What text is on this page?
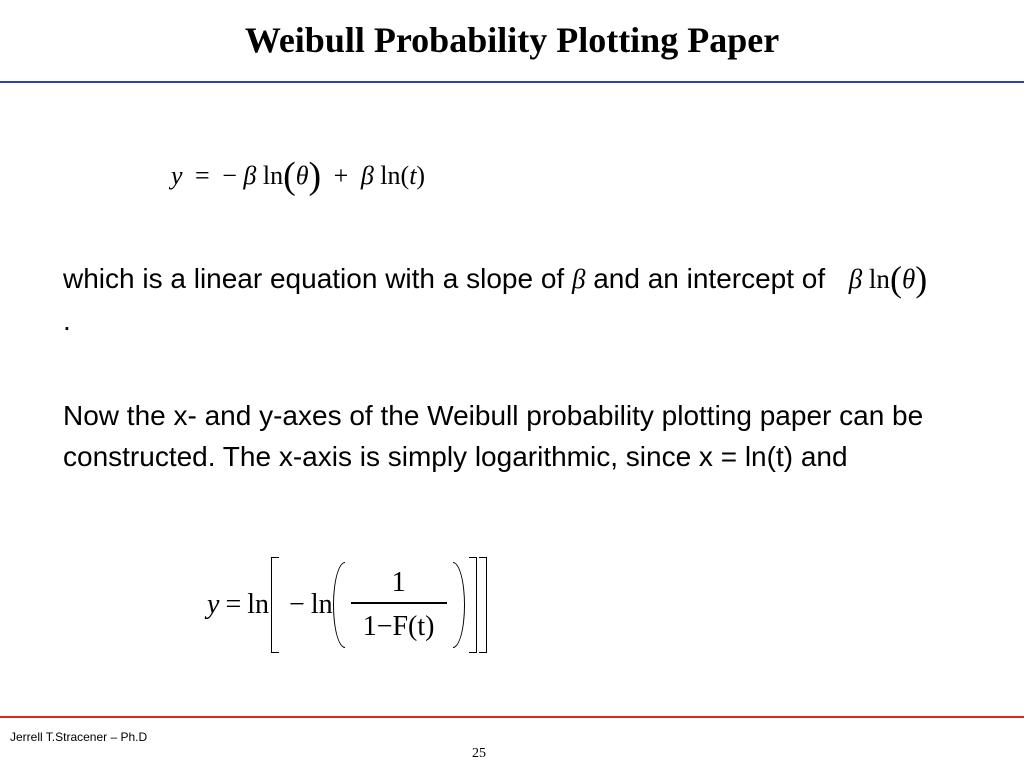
Weibull Probability Plotting Paper
y = − β ln(θ) + β ln(t)
which is a linear equation with a slope of β and an intercept of β ln(θ) .
Now the x- and y-axes of the Weibull probability plotting paper can be constructed. The x-axis is simply logarithmic, since x = ln(t) and
$y = \ln - \ln \frac{1}{1-F(t)}$
Jerrell T.Stracener – Ph.D
25
